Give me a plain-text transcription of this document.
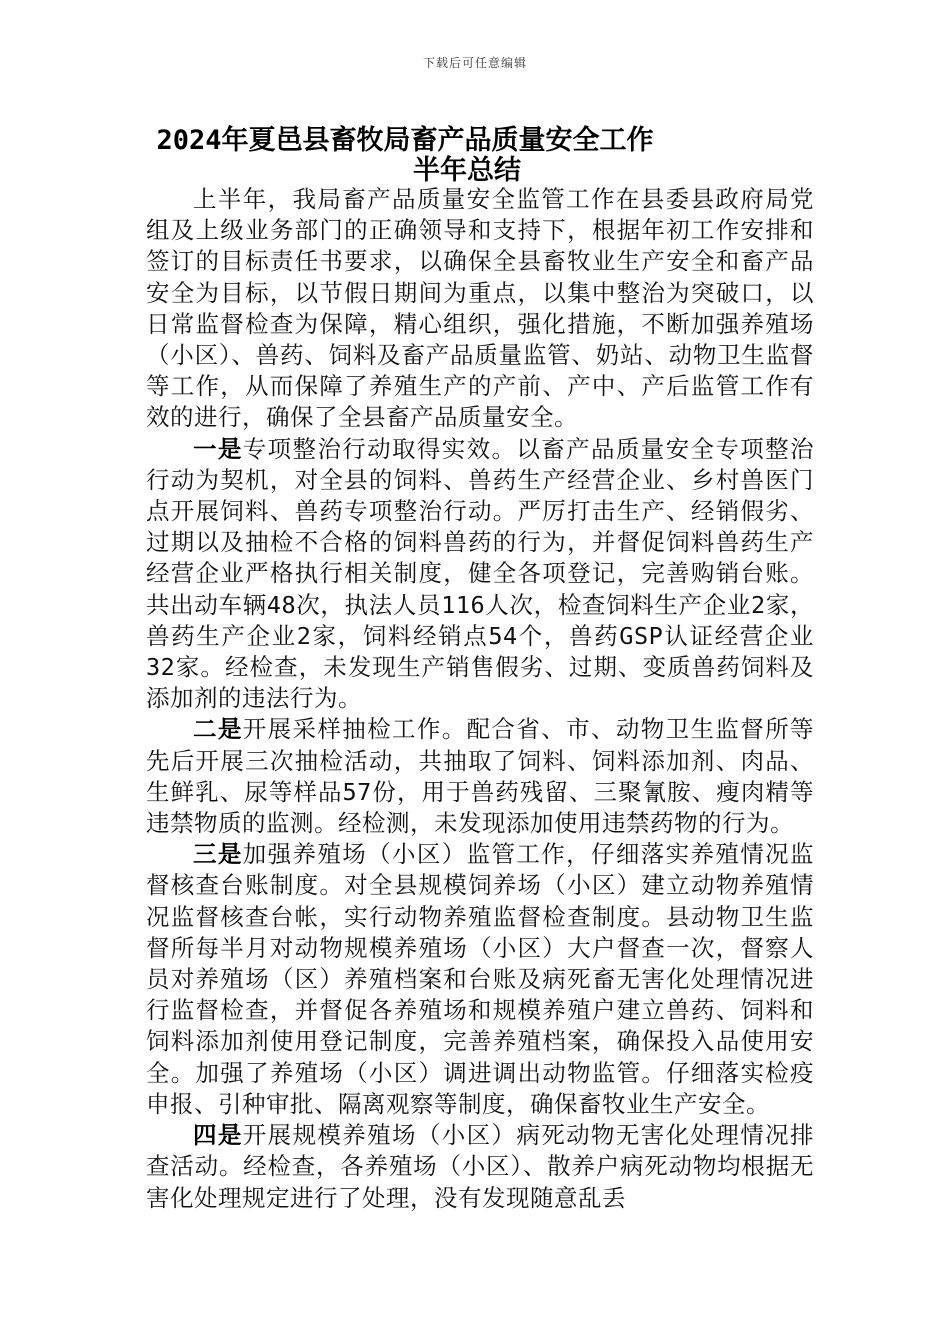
下载后可任意编辑
2024年夏邑县畜牧局畜产品质量安全工作
半年总结

上半年，我局畜产品质量安全监管工作在县委县政府局党组及上级业务部门的正确领导和支持下，根据年初工作安排和签订的目标责任书要求，以确保全县畜牧业生产安全和畜产品安全为目标，以节假日期间为重点，以集中整治为突破口，以日常监督检查为保障，精心组织，强化措施，不断加强养殖场（小区）、兽药、饲料及畜产品质量监管、奶站、动物卫生监督等工作，从而保障了养殖生产的产前、产中、产后监管工作有效的进行，确保了全县畜产品质量安全。

一是专项整治行动取得实效。以畜产品质量安全专项整治行动为契机，对全县的饲料、兽药生产经营企业、乡村兽医门点开展饲料、兽药专项整治行动。严厉打击生产、经销假劣、过期以及抽检不合格的饲料兽药的行为，并督促饲料兽药生产经营企业严格执行相关制度，健全各项登记，完善购销台账。共出动车辆48次，执法人员116人次，检查饲料生产企业2家，兽药生产企业2家，饲料经销点54个，兽药GSP认证经营企业32家。经检查，未发现生产销售假劣、过期、变质兽药饲料及添加剂的违法行为。

二是开展采样抽检工作。配合省、市、动物卫生监督所等先后开展三次抽检活动，共抽取了饲料、饲料添加剂、肉品、生鲜乳、尿等样品57份，用于兽药残留、三聚氰胺、瘦肉精等违禁物质的监测。经检测，未发现添加使用违禁药物的行为。

三是加强养殖场（小区）监管工作，仔细落实养殖情况监督核查台账制度。对全县规模饲养场（小区）建立动物养殖情况监督核查台帐，实行动物养殖监督检查制度。县动物卫生监督所每半月对动物规模养殖场（小区）大户督查一次，督察人员对养殖场（区）养殖档案和台账及病死畜无害化处理情况进行监督检查，并督促各养殖场和规模养殖户建立兽药、饲料和饲料添加剂使用登记制度，完善养殖档案，确保投入品使用安全。加强了养殖场（小区）调进调出动物监管。仔细落实检疫申报、引种审批、隔离观察等制度，确保畜牧业生产安全。

四是开展规模养殖场（小区）病死动物无害化处理情况排查活动。经检查，各养殖场（小区）、散养户病死动物均根据无害化处理规定进行了处理，没有发现随意乱丢
